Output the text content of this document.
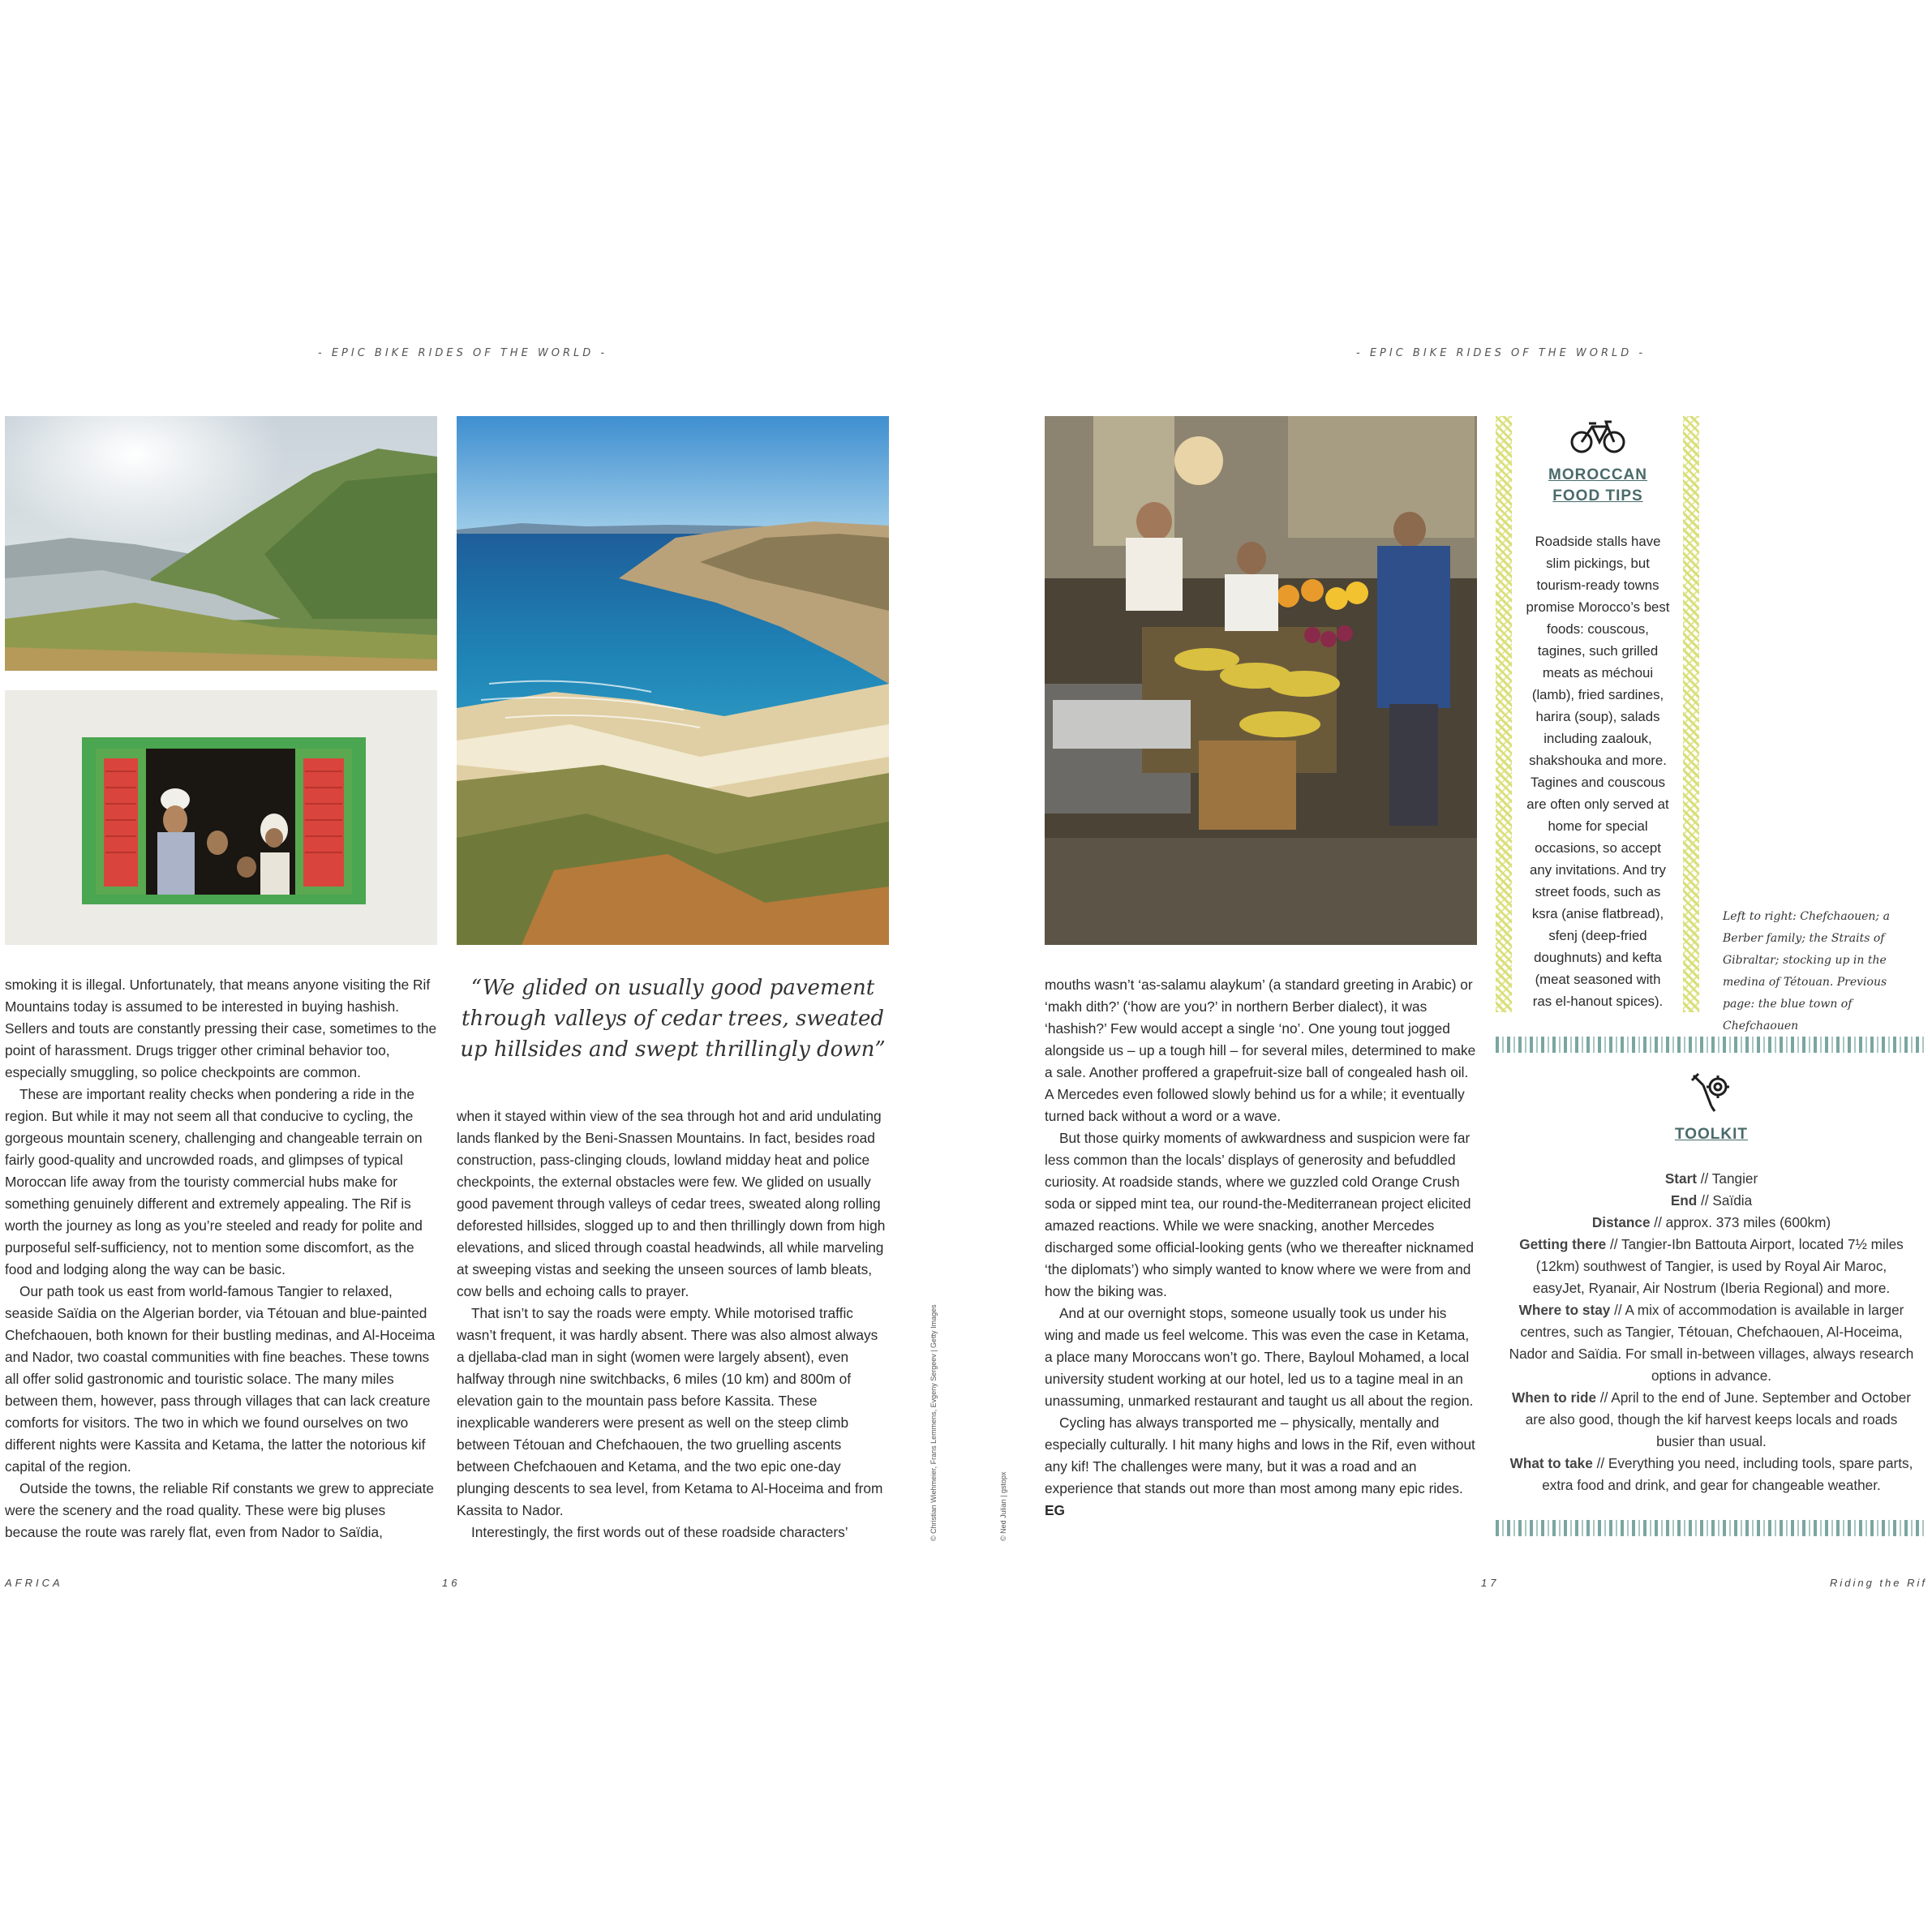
- EPIC BIKE RIDES OF THE WORLD -	- EPIC BIKE RIDES OF THE WORLD -

smoking it is illegal. Unfortunately, that means anyone visiting the Rif Mountains today is assumed to be interested in buying hashish. Sellers and touts are constantly pressing their case, sometimes to the point of harassment. Drugs trigger other criminal behavior too, especially smuggling, so police checkpoints are common.

These are important reality checks when pondering a ride in the region. But while it may not seem all that conducive to cycling, the gorgeous mountain scenery, challenging and changeable terrain on fairly good-quality and uncrowded roads, and glimpses of typical Moroccan life away from the touristy commercial hubs make for something genuinely different and extremely appealing. The Rif is worth the journey as long as you’re steeled and ready for polite and purposeful self-sufficiency, not to mention some discomfort, as the food and lodging along the way can be basic.

Our path took us east from world-famous Tangier to relaxed, seaside Saïdia on the Algerian border, via Tétouan and blue-painted Chefchaouen, both known for their bustling medinas, and Al-Hoceima and Nador, two coastal communities with fine beaches. These towns all offer solid gastronomic and touristic solace. The many miles between them, however, pass through villages that can lack creature comforts for visitors. The two in which we found ourselves on two different nights were Kassita and Ketama, the latter the notorious kif capital of the region.

Outside the towns, the reliable Rif constants we grew to appreciate were the scenery and the road quality. These were big pluses because the route was rarely flat, even from Nador to Saïdia,

“We glided on usually good pavement through valleys of cedar trees, sweated up hillsides and swept thrillingly down”

when it stayed within view of the sea through hot and arid undulating lands flanked by the Beni-Snassen Mountains. In fact, besides road construction, pass-clinging clouds, lowland midday heat and police checkpoints, the external obstacles were few. We glided on usually good pavement through valleys of cedar trees, sweated along rolling deforested hillsides, slogged up to and then thrillingly down from high elevations, and sliced through coastal headwinds, all while marveling at sweeping vistas and seeking the unseen sources of lamb bleats, cow bells and echoing calls to prayer.

That isn’t to say the roads were empty. While motorised traffic wasn’t frequent, it was hardly absent. There was also almost always a djellaba-clad man in sight (women were largely absent), even halfway through nine switchbacks, 6 miles (10 km) and 800m of elevation gain to the mountain pass before Kassita. These inexplicable wanderers were present as well on the steep climb between Tétouan and Chefchaouen, the two gruelling ascents between Chefchaouen and Ketama, and the two epic one-day plunging descents to sea level, from Ketama to Al-Hoceima and from Kassita to Nador.

Interestingly, the first words out of these roadside characters’	© Christian Wiehmeier, Frans Lemmens, Evgeny Sergeev | Getty Images	© Ned Julian | gstopx

mouths wasn’t ‘as-salamu alaykum’ (a standard greeting in Arabic) or ‘makh dith?’ (‘how are you?’ in northern Berber dialect), it was ‘hashish?’ Few would accept a single ‘no’. One young tout jogged alongside us – up a tough hill – for several miles, determined to make a sale. Another proffered a grapefruit-size ball of congealed hash oil. A Mercedes even followed slowly behind us for a while; it eventually turned back without a word or a wave.

But those quirky moments of awkwardness and suspicion were far less common than the locals’ displays of generosity and befuddled curiosity. At roadside stands, where we guzzled cold Orange Crush soda or sipped mint tea, our round-the-Mediterranean project elicited amazed reactions. While we were snacking, another Mercedes discharged some official-looking gents (who we thereafter nicknamed ‘the diplomats’) who simply wanted to know where we were from and how the biking was.

And at our overnight stops, someone usually took us under his wing and made us feel welcome. This was even the case in Ketama, a place many Moroccans won’t go. There, Bayloul Mohamed, a local university student working at our hotel, led us to a tagine meal in an unassuming, unmarked restaurant and taught us all about the region.

Cycling has always transported me – physically, mentally and especially culturally. I hit many highs and lows in the Rif, even without any kif! The challenges were many, but it was a road and an experience that stands out more than most among many epic rides. EG

MOROCCAN
FOOD TIPS
Roadside stalls have slim pickings, but tourism-ready towns promise Morocco’s best foods: couscous, tagines, such grilled meats as méchoui (lamb), fried sardines, harira (soup), salads including zaalouk, shakshouka and more. Tagines and couscous are often only served at home for special occasions, so accept any invitations. And try street foods, such as ksra (anise flatbread), sfenj (deep-fried doughnuts) and kefta (meat seasoned with ras el-hanout spices).
Left to right: Chefchaouen; a Berber family; the Straits of Gibraltar; stocking up in the medina of Tétouan. Previous page: the blue town of Chefchaouen
TOOLKIT
Start // Tangier
End // Saïdia
Distance // approx. 373 miles (600km)
Getting there // Tangier-Ibn Battouta Airport, located 7½ miles (12km) southwest of Tangier, is used by Royal Air Maroc, easyJet, Ryanair, Air Nostrum (Iberia Regional) and more.
Where to stay // A mix of accommodation is available in larger centres, such as Tangier, Tétouan, Chefchaouen, Al-Hoceima, Nador and Saïdia. For small in-between villages, always research options in advance.
When to ride // April to the end of June. September and October are also good, though the kif harvest keeps locals and roads busier than usual.
What to take // Everything you need, including tools, spare parts, extra food and drink, and gear for changeable weather.
AFRICA	16	17	Riding the Rif
